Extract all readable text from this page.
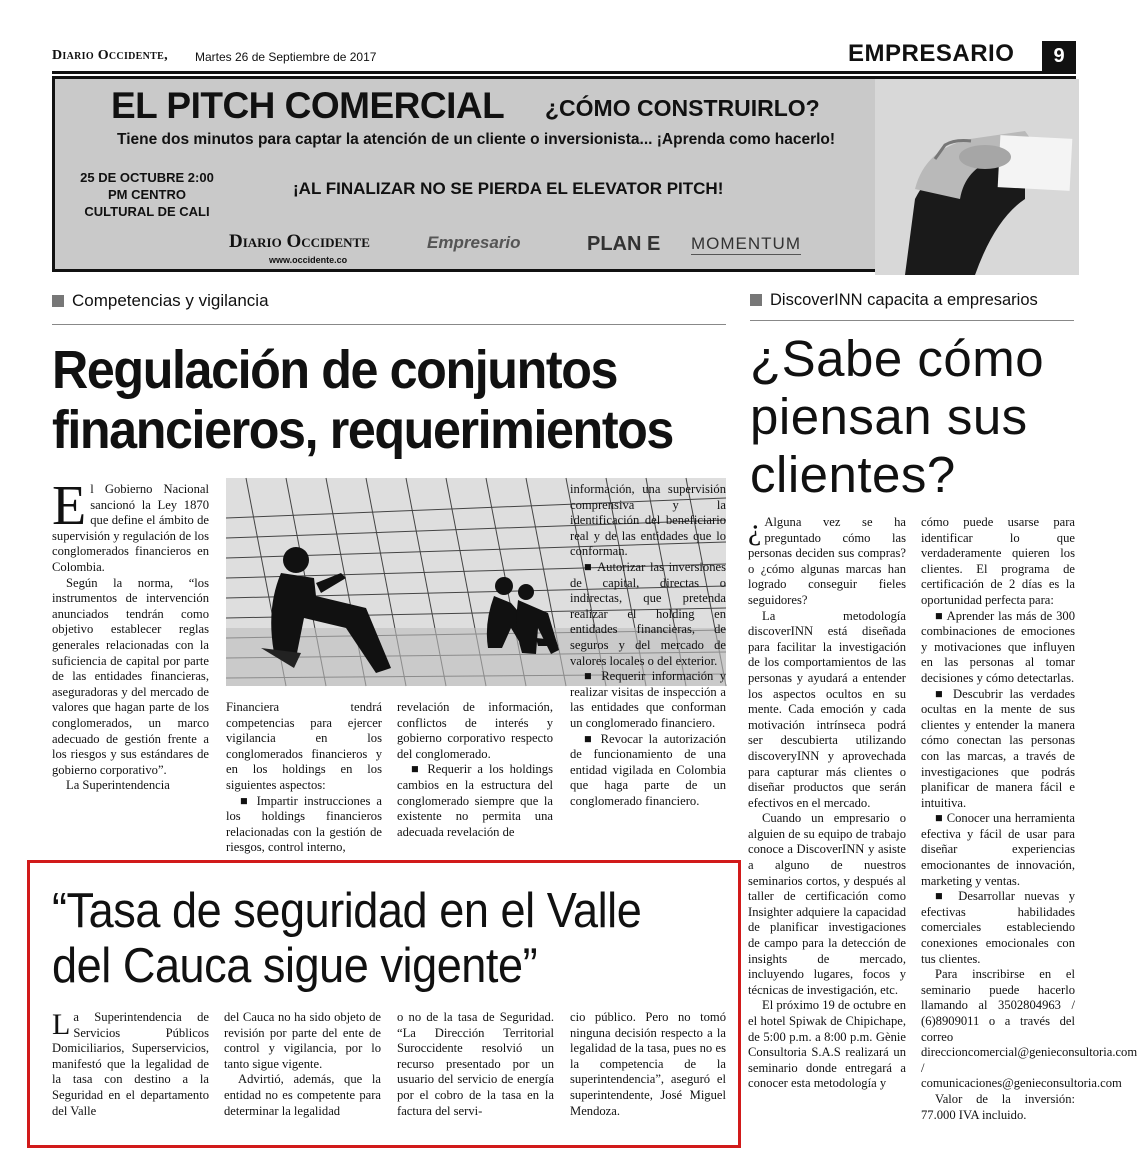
Diario Occidente, Martes 26 de Septiembre de 2017	EMPRESARIO	9
EL PITCH COMERCIAL ¿CÓMO CONSTRUIRLO?
Tiene dos minutos para captar la atención de un cliente o inversionista... ¡Aprenda como hacerlo!
25 DE OCTUBRE 2:00 PM CENTRO CULTURAL DE CALI
¡AL FINALIZAR NO SE PIERDA EL ELEVATOR PITCH!
Diario Occidente
www.occidente.co
Empresario	PLAN E MOMENTUM
Competencias y vigilancia
Regulación de conjuntos financieros, requerimientos
E l Gobierno Nacional sancionó la Ley 1870 que define el ámbito de supervisión y regulación de los conglomerados financieros en Colombia.

Según la norma, “los instrumentos de intervención anunciados tendrán como objetivo establecer reglas generales relacionadas con la suficiencia de capital por parte de las entidades financieras, aseguradoras y del mercado de valores que hagan parte de los conglomerados, un marco adecuado de gestión frente a los riesgos y sus estándares de gobierno corporativo”.

La Superintendencia

Financiera tendrá competencias para ejercer vigilancia en los conglomerados financieros y en los holdings en los siguientes aspectos:

■ Impartir instrucciones a los holdings financieros relacionadas con la gestión de riesgos, control interno,

revelación de información, conflictos de interés y gobierno corporativo respecto del conglomerado.

■ Requerir a los holdings cambios en la estructura del conglomerado siempre que la existente no permita una adecuada revelación de

información, una supervisión comprensiva y la identificación del beneficiario real y de las entidades que lo conforman.

■ Autorizar las inversiones de capital, directas o indirectas, que pretenda realizar el holding en entidades financieras, de seguros y del mercado de valores locales o del exterior.

■ Requerir información y realizar visitas de inspección a las entidades que conforman un conglomerado financiero.

■ Revocar la autorización de funcionamiento de una entidad vigilada en Colombia que haga parte de un conglomerado financiero.

DiscoverINN capacita a empresarios
¿Sabe cómo piensan sus clientes?
¿ Alguna vez se ha preguntado cómo las personas deciden sus compras? o ¿cómo algunas marcas han logrado conseguir fieles seguidores?

La metodología discoverINN está diseñada para facilitar la investigación de los comportamientos de las personas y ayudará a entender los aspectos ocultos en su mente. Cada emoción y cada motivación intrínseca podrá ser descubierta utilizando discoveryINN y aprovechada para capturar más clientes o diseñar productos que serán efectivos en el mercado.

Cuando un empresario o alguien de su equipo de trabajo conoce a DiscoverINN y asiste a alguno de nuestros seminarios cortos, y después al taller de certificación como Insighter adquiere la capacidad de planificar investigaciones de campo para la detección de insights de mercado, incluyendo lugares, focos y técnicas de investigación, etc.

El próximo 19 de octubre en el hotel Spiwak de Chipichape, de 5:00 p.m. a 8:00 p.m. Gènie Consultoria S.A.S realizará un seminario donde entregará a conocer esta metodología y

cómo puede usarse para identificar lo que verdaderamente quieren los clientes. El programa de certificación de 2 días es la oportunidad perfecta para:

■ Aprender las más de 300 combinaciones de emociones y motivaciones que influyen en las personas al tomar decisiones y cómo detectarlas.

■ Descubrir las verdades ocultas en la mente de sus clientes y entender la manera cómo conectan las personas con las marcas, a través de investigaciones que podrás planificar de manera fácil e intuitiva.

■ Conocer una herramienta efectiva y fácil de usar para diseñar experiencias emocionantes de innovación, marketing y ventas.

■ Desarrollar nuevas y efectivas habilidades comerciales estableciendo conexiones emocionales con tus clientes.

Para inscribirse en el seminario puede hacerlo llamando al 3502804963 / (6)8909011 o a través del correo direccioncomercial@genieconsultoria.com / comunicaciones@genieconsultoria.com

Valor de la inversión: 77.000 IVA incluido.

“Tasa de seguridad en el Valle del Cauca sigue vigente”
L a Superintendencia de Servicios Públicos Domiciliarios, Superservicios, manifestó que la legalidad de la tasa con destino a la Seguridad en el departamento del Valle

del Cauca no ha sido objeto de revisión por parte del ente de control y vigilancia, por lo tanto sigue vigente.

Advirtió, además, que la entidad no es competente para determinar la legalidad

o no de la tasa de Seguridad. “La Dirección Territorial Suroccidente resolvió un recurso presentado por un usuario del servicio de energía por el cobro de la tasa en la factura del servi-

cio público. Pero no tomó ninguna decisión respecto a la legalidad de la tasa, pues no es la competencia de la superintendencia”, aseguró el superintendente, José Miguel Mendoza.
